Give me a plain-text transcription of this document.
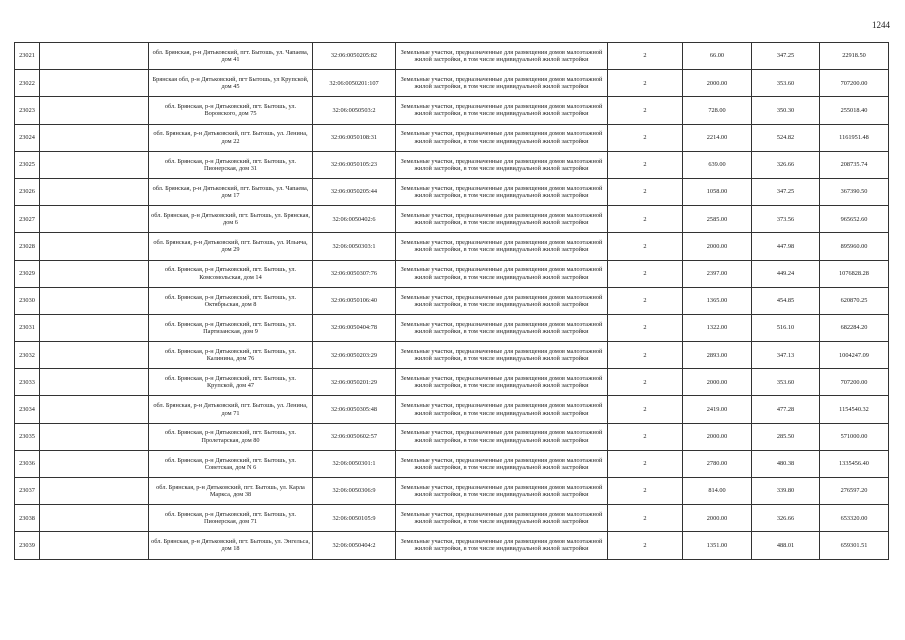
1244
23021		обл. Брянская, р-н Дятьковский, пгт. Бытошь, ул. Чапаева, дом 41	32:06:0050205:82	Земельные участки, предназначенные для размещения домов малоэтажной жилой застройки, в том числе индивидуальной жилой застройки	2	66.00	347.25	22918.50
23022		Брянская обл, р-н Дятьковский, пгт Бытошь, ул Крупской, дом 45	32:06:0050201:107	Земельные участки, предназначенные для размещения домов малоэтажной жилой застройки, в том числе индивидуальной жилой застройки	2	2000.00	353.60	707200.00
23023		обл. Брянская, р-н Дятьковский, пгт. Бытошь, ул. Воровского, дом 75	32:06:0050503:2	Земельные участки, предназначенные для размещения домов малоэтажной жилой застройки, в том числе индивидуальной жилой застройки	2	728.00	350.30	255018.40
23024		обл. Брянская, р-н Дятьковский, пгт. Бытошь, ул. Ленина, дом 22	32:06:0050108:31	Земельные участки, предназначенные для размещения домов малоэтажной жилой застройки, в том числе индивидуальной жилой застройки	2	2214.00	524.82	1161951.48
23025		обл. Брянская, р-н Дятьковский, пгт. Бытошь, ул. Пионерская, дом 31	32:06:0050105:23	Земельные участки, предназначенные для размещения домов малоэтажной жилой застройки, в том числе индивидуальной жилой застройки	2	639.00	326.66	208735.74
23026		обл. Брянская, р-н Дятьковский, пгт. Бытошь, ул. Чапаева, дом 17	32:06:0050205:44	Земельные участки, предназначенные для размещения домов малоэтажной жилой застройки, в том числе индивидуальной жилой застройки	2	1058.00	347.25	367390.50
23027		обл. Брянская, р-н Дятьковский, пгт. Бытошь, ул. Брянская, дом 6	32:06:0050402:6	Земельные участки, предназначенные для размещения домов малоэтажной жилой застройки, в том числе индивидуальной жилой застройки	2	2585.00	373.56	965652.60
23028		обл. Брянская, р-н Дятьковский, пгт. Бытошь, ул. Ильича, дом 29	32:06:0050303:1	Земельные участки, предназначенные для размещения домов малоэтажной жилой застройки, в том числе индивидуальной жилой застройки	2	2000.00	447.98	895960.00
23029		обл. Брянская, р-н Дятьковский, пгт. Бытошь, ул. Комсомольская, дом 14	32:06:0050307:76	Земельные участки, предназначенные для размещения домов малоэтажной жилой застройки, в том числе индивидуальной жилой застройки	2	2397.00	449.24	1076828.28
23030		обл. Брянская, р-н Дятьковский, пгт. Бытошь, ул. Октябрьская, дом 8	32:06:0050106:40	Земельные участки, предназначенные для размещения домов малоэтажной жилой застройки, в том числе индивидуальной жилой застройки	2	1365.00	454.85	620870.25
23031		обл. Брянская, р-н Дятьковский, пгт. Бытошь, ул. Партизанская, дом 9	32:06:0050404:78	Земельные участки, предназначенные для размещения домов малоэтажной жилой застройки, в том числе индивидуальной жилой застройки	2	1322.00	516.10	682284.20
23032		обл. Брянская, р-н Дятьковский, пгт. Бытошь, ул. Калинина, дом 76	32:06:0050203:29	Земельные участки, предназначенные для размещения домов малоэтажной жилой застройки, в том числе индивидуальной жилой застройки	2	2893.00	347.13	1004247.09
23033		обл. Брянская, р-н Дятьковский, пгт. Бытошь, ул. Крупской, дом 47	32:06:0050201:29	Земельные участки, предназначенные для размещения домов малоэтажной жилой застройки, в том числе индивидуальной жилой застройки	2	2000.00	353.60	707200.00
23034		обл. Брянская, р-н Дятьковский, пгт. Бытошь, ул. Ленина, дом 71	32:06:0050305:48	Земельные участки, предназначенные для размещения домов малоэтажной жилой застройки, в том числе индивидуальной жилой застройки	2	2419.00	477.28	1154540.32
23035		обл. Брянская, р-н Дятьковский, пгт. Бытошь, ул. Пролетарская, дом 80	32:06:0050602:57	Земельные участки, предназначенные для размещения домов малоэтажной жилой застройки, в том числе индивидуальной жилой застройки	2	2000.00	285.50	571000.00
23036		обл. Брянская, р-н Дятьковский, пгт. Бытошь, ул. Советская, дом N 6	32:06:0050301:1	Земельные участки, предназначенные для размещения домов малоэтажной жилой застройки, в том числе индивидуальной жилой застройки	2	2780.00	480.38	1335456.40
23037		обл. Брянская, р-н Дятьковский, пгт. Бытошь, ул. Карла Маркса, дом 38	32:06:0050306:9	Земельные участки, предназначенные для размещения домов малоэтажной жилой застройки, в том числе индивидуальной жилой застройки	2	814.00	339.80	276597.20
23038		обл. Брянская, р-н Дятьковский, пгт. Бытошь, ул. Пионерская, дом 71	32:06:0050105:9	Земельные участки, предназначенные для размещения домов малоэтажной жилой застройки, в том числе индивидуальной жилой застройки	2	2000.00	326.66	653320.00
23039		обл. Брянская, р-н Дятьковский, пгт. Бытошь, ул. Энгельса, дом 18	32:06:0050404:2	Земельные участки, предназначенные для размещения домов малоэтажной жилой застройки, в том числе индивидуальной жилой застройки	2	1351.00	488.01	659301.51
